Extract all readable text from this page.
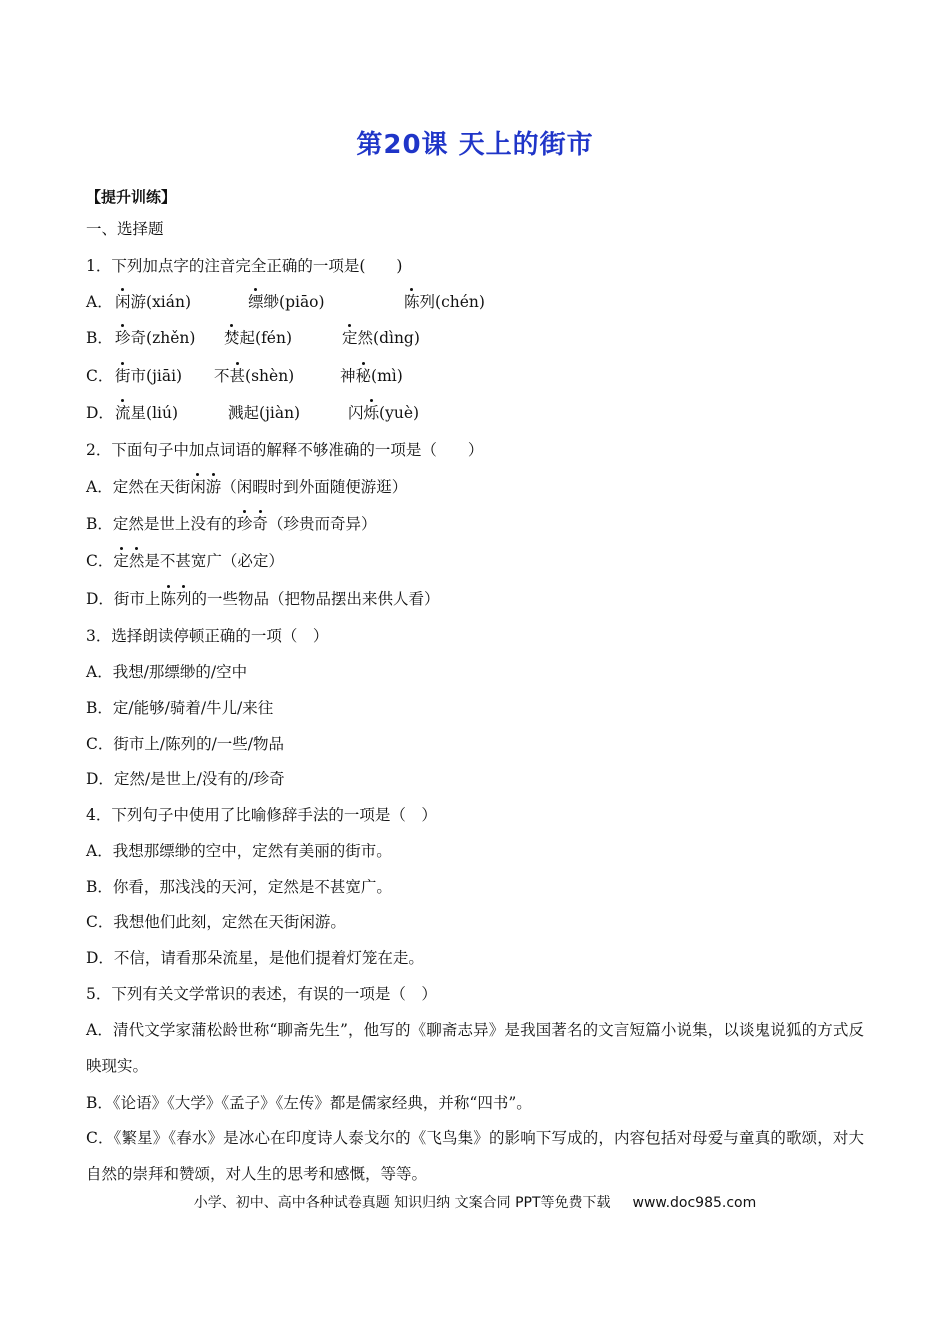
第20课 天上的街市
【提升训练】
一、选择题
1．下列加点字的注音完全正确的一项是(　　)
A． 闲游(xián)	缥缈(piāo)	陈列(chén)
B． 珍奇(zhěn) 焚起(fén)	定然(dìng)
C． 街市(jiāi) 不甚(shèn)	神秘(mì)
D． 流星(liú)	溅起(jiàn)	闪烁(yuè)
2．下面句子中加点词语的解释不够准确的一项是（　　）
A．定然在天街闲游（闲暇时到外面随便游逛）
B．定然是世上没有的珍奇（珍贵而奇异）
C．定然是不甚宽广（必定）
D．街市上陈列的一些物品（把物品摆出来供人看）
3．选择朗读停顿正确的一项（　）
A．我想/那缥缈的/空中
B．定/能够/骑着/牛儿/来往
C．街市上/陈列的/一些/物品
D．定然/是世上/没有的/珍奇
4．下列句子中使用了比喻修辞手法的一项是（　）
A．我想那缥缈的空中，定然有美丽的街市。
B．你看，那浅浅的天河，定然是不甚宽广。
C．我想他们此刻，定然在天街闲游。
D．不信，请看那朵流星，是他们提着灯笼在走。
5．下列有关文学常识的表述，有误的一项是（　）
A．清代文学家蒲松龄世称“聊斋先生”，他写的《聊斋志异》是我国著名的文言短篇小说集，以谈鬼说狐的方式反映现实。
B．《论语》《大学》《孟子》《左传》都是儒家经典，并称“四书”。
C．《繁星》《春水》是冰心在印度诗人泰戈尔的《飞鸟集》的影响下写成的，内容包括对母爱与童真的歌颂，对大自然的崇拜和赞颂，对人生的思考和感慨，等等。
小学、初中、高中各种试卷真题 知识归纳 文案合同 PPT等免费下载 www.doc985.com
